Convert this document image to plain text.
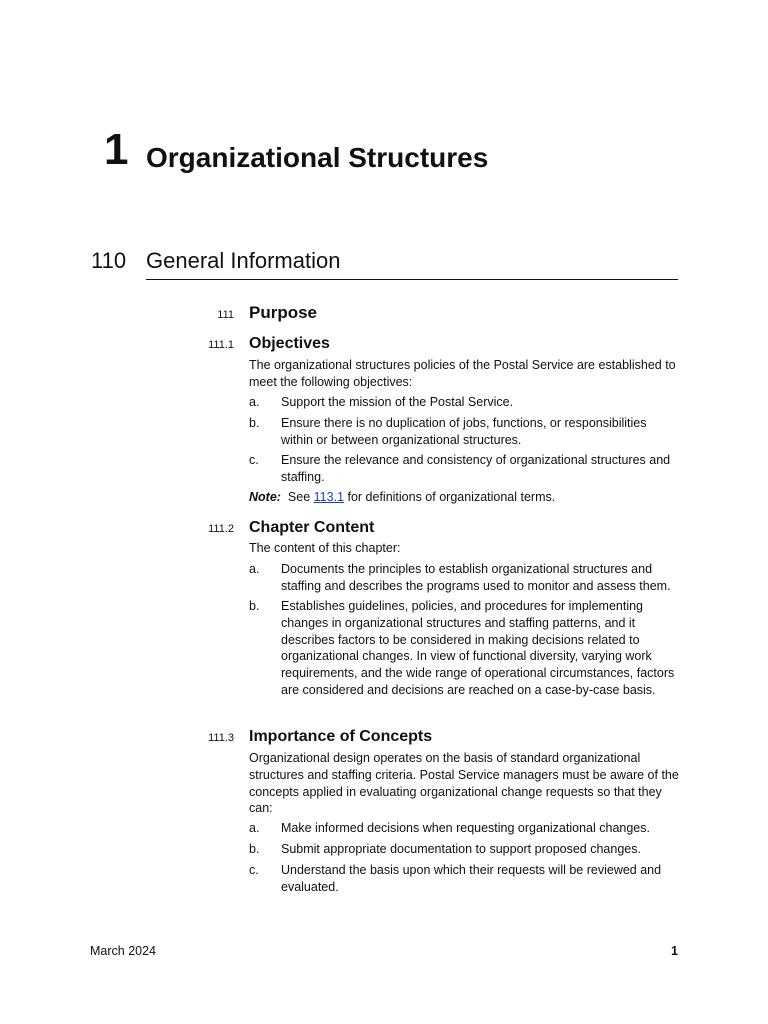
1 Organizational Structures
110 General Information
111 Purpose
111.1 Objectives
The organizational structures policies of the Postal Service are established to meet the following objectives:
a. Support the mission of the Postal Service.
b. Ensure there is no duplication of jobs, functions, or responsibilities within or between organizational structures.
c. Ensure the relevance and consistency of organizational structures and staffing.
Note: See 113.1 for definitions of organizational terms.
111.2 Chapter Content
The content of this chapter:
a. Documents the principles to establish organizational structures and staffing and describes the programs used to monitor and assess them.
b. Establishes guidelines, policies, and procedures for implementing changes in organizational structures and staffing patterns, and it describes factors to be considered in making decisions related to organizational changes. In view of functional diversity, varying work requirements, and the wide range of operational circumstances, factors are considered and decisions are reached on a case-by-case basis.
111.3 Importance of Concepts
Organizational design operates on the basis of standard organizational structures and staffing criteria. Postal Service managers must be aware of the concepts applied in evaluating organizational change requests so that they can:
a. Make informed decisions when requesting organizational changes.
b. Submit appropriate documentation to support proposed changes.
c. Understand the basis upon which their requests will be reviewed and evaluated.
March 2024	1
